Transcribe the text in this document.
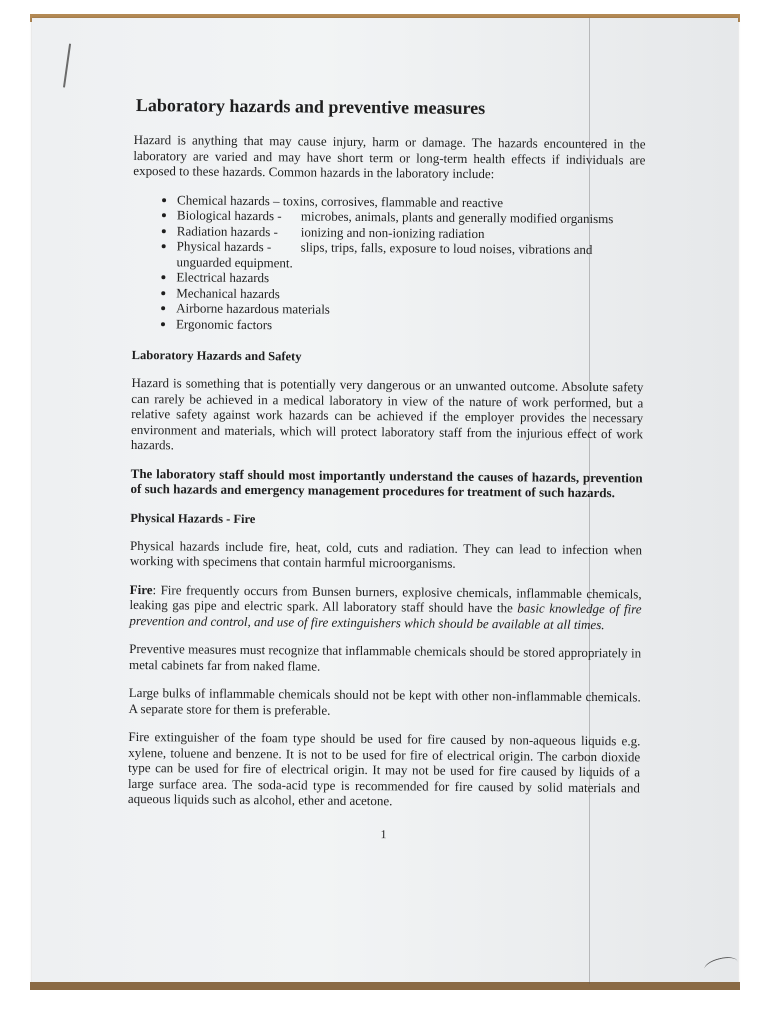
Laboratory hazards and preventive measures

Hazard is anything that may cause injury, harm or damage. The hazards encountered in the laboratory are varied and may have short term or long-term health effects if individuals are exposed to these hazards. Common hazards in the laboratory include:

• Chemical hazards – toxins, corrosives, flammable and reactive
• Biological hazards - microbes, animals, plants and generally modified organisms
• Radiation hazards - ionizing and non-ionizing radiation
• Physical hazards - slips, trips, falls, exposure to loud noises, vibrations and unguarded equipment.
• Electrical hazards
• Mechanical hazards
• Airborne hazardous materials
• Ergonomic factors
Laboratory Hazards and Safety

Hazard is something that is potentially very dangerous or an unwanted outcome. Absolute safety can rarely be achieved in a medical laboratory in view of the nature of work performed, but a relative safety against work hazards can be achieved if the employer provides the necessary environment and materials, which will protect laboratory staff from the injurious effect of work hazards.

The laboratory staff should most importantly understand the causes of hazards, prevention of such hazards and emergency management procedures for treatment of such hazards.

Physical Hazards - Fire

Physical hazards include fire, heat, cold, cuts and radiation. They can lead to infection when working with specimens that contain harmful microorganisms.

Fire: Fire frequently occurs from Bunsen burners, explosive chemicals, inflammable chemicals, leaking gas pipe and electric spark. All laboratory staff should have the basic knowledge of fire prevention and control, and use of fire extinguishers which should be available at all times.

Preventive measures must recognize that inflammable chemicals should be stored appropriately in metal cabinets far from naked flame.

Large bulks of inflammable chemicals should not be kept with other non-inflammable chemicals. A separate store for them is preferable.

Fire extinguisher of the foam type should be used for fire caused by non-aqueous liquids e.g. xylene, toluene and benzene. It is not to be used for fire of electrical origin. The carbon dioxide type can be used for fire of electrical origin. It may not be used for fire caused by liquids of a large surface area. The soda-acid type is recommended for fire caused by solid materials and aqueous liquids such as alcohol, ether and acetone.

1
